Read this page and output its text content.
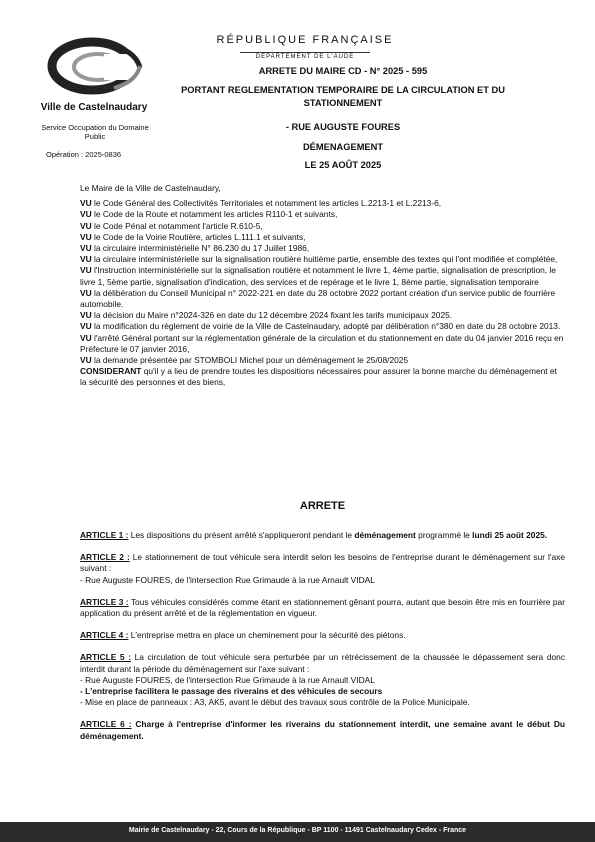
Ville de Castelnaudary
Service Occupation du Domaine Public
Opération : 2025-0836
RÉPUBLIQUE FRANÇAISE
DÉPARTEMENT DE L'AUDE
ARRETE DU MAIRE CD - N° 2025 - 595
PORTANT REGLEMENTATION TEMPORAIRE DE LA CIRCULATION ET DU STATIONNEMENT
- RUE AUGUSTE FOURES
DÉMENAGEMENT
LE 25 AOÛT 2025

Le Maire de la Ville de Castelnaudary,

VU le Code Général des Collectivités Territoriales et notamment les articles L.2213-1 et L.2213-6,

VU le Code de la Route et notamment les articles R110-1 et suivants,

VU le Code Pénal et notamment l'article R.610-5,

VU le Code de la Voirie Routière, articles L.111.1 et suivants,

VU la circulaire interministérielle N° 86.230 du 17 Juillet 1986,

VU la circulaire interministérielle sur la signalisation routière huitième partie, ensemble des textes qui l'ont modifiée et complétée,

VU l'Instruction interministérielle sur la signalisation routière et notamment le livre 1, 4ème partie, signalisation de prescription, le livre 1, 5ème partie, signalisation d'indication, des services et de repérage et le livre 1, 8ème partie, signalisation temporaire

VU la délibération du Conseil Municipal n° 2022-221 en date du 28 octobre 2022 portant création d'un service public de fourrière automobile.

VU la décision du Maire n°2024-326 en date du 12 décembre 2024 fixant les tarifs municipaux 2025.

VU la modification du règlement de voirie de la Ville de Castelnaudary, adopté par délibération n°380 en date du 28 octobre 2013.

VU l'arrêté Général portant sur la réglementation générale de la circulation et du stationnement en date du 04 janvier 2016 reçu en Préfecture le 07 janvier 2016,

VU la demande présentée par STOMBOLI Michel pour un déménagement le 25/08/2025

CONSIDERANT qu'il y a lieu de prendre toutes les dispositions nécessaires pour assurer la bonne marche du déménagement et la sécurité des personnes et des biens,

ARRETE

ARTICLE 1 : Les dispositions du présent arrêté s'appliqueront pendant le déménagement programmé le lundi 25 août 2025.

ARTICLE 2 : Le stationnement de tout véhicule sera interdit selon les besoins de l'entreprise durant le déménagement sur l'axe suivant :

- Rue Auguste FOURES, de l'intersection Rue Grimaude à la rue Arnault VIDAL

ARTICLE 3 : Tous véhicules considérés comme étant en stationnement gênant pourra, autant que besoin être mis en fourrière par application du présent arrêté et de la réglementation en vigueur.

ARTICLE 4 : L'entreprise mettra en place un cheminement pour la sécurité des piétons.

ARTICLE 5 : La circulation de tout véhicule sera perturbée par un rétrécissement de la chaussée le dépassement sera donc interdit durant la période du déménagement sur l'axe suivant :

- Rue Auguste FOURES, de l'intersection Rue Grimaude à la rue Arnault VIDAL

- L'entreprise facilitera le passage des riverains et des véhicules de secours

- Mise en place de panneaux : A3, AK5, avant le début des travaux sous contrôle de la Police Municipale.

ARTICLE 6 : Charge à l'entreprise d'informer les riverains du stationnement interdit, une semaine avant le début Du déménagement.

Mairie de Castelnaudary - 22, Cours de la République - BP 1100 - 11491 Castelnaudary Cedex - France
